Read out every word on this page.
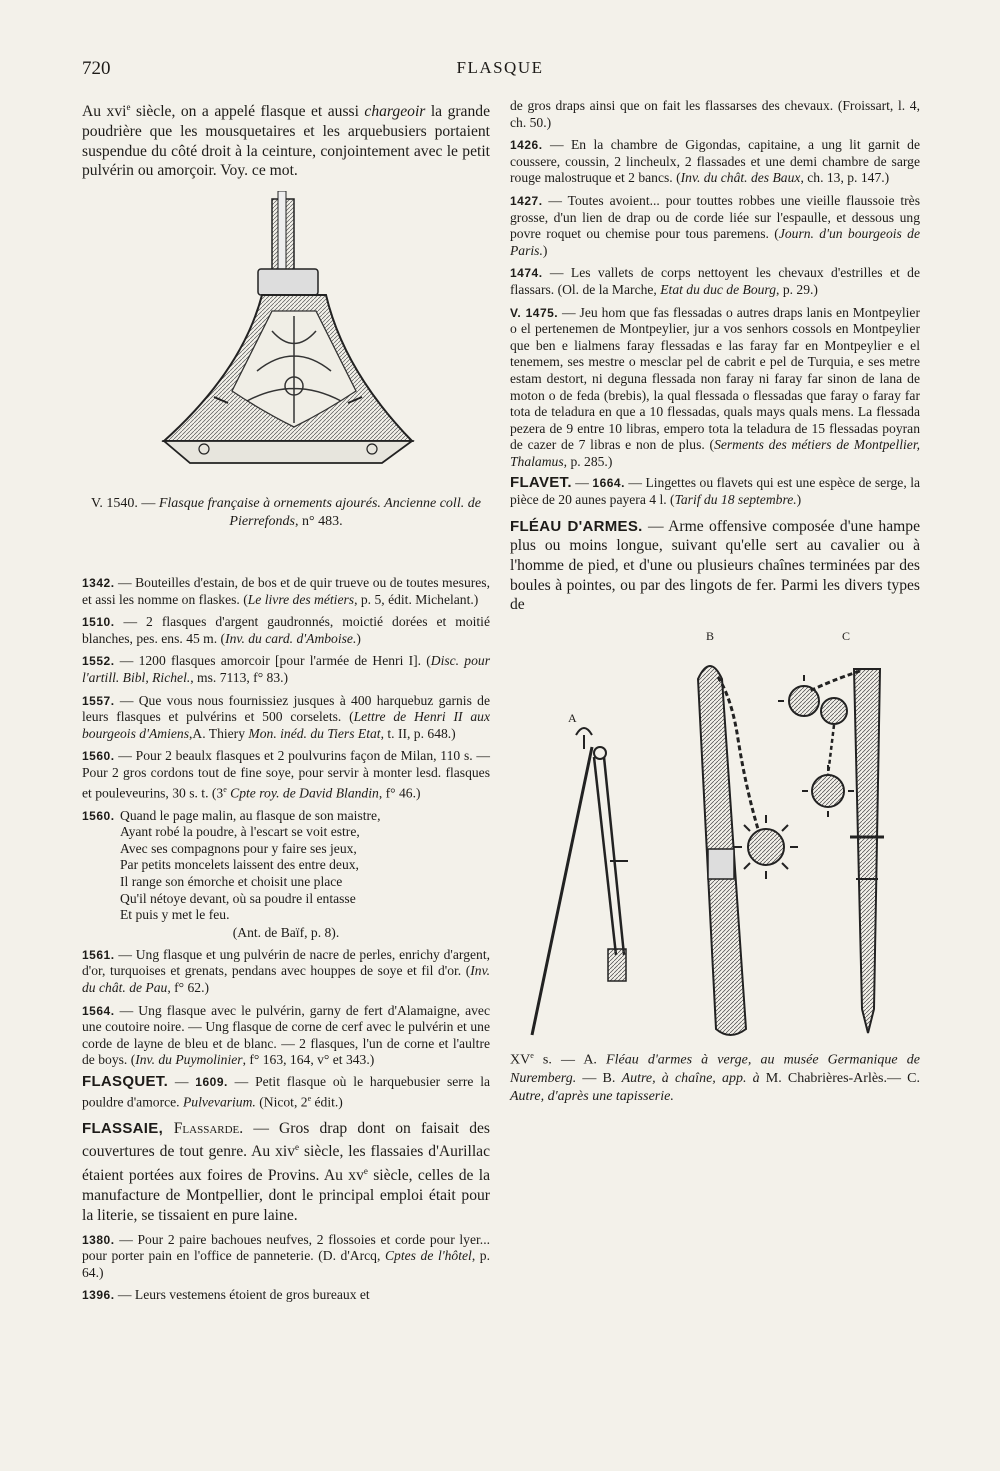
720	FLASQUE

Au xvi$^e$ siècle, on a appelé flasque et aussi chargeoir la grande poudrière que les mousquetaires et les arquebusiers portaient suspendue du côté droit à la ceinture, conjointement avec le petit pulvérin ou amorçoir. Voy. ce mot.

V. 1540. — Flasque française à ornements ajourés. Ancienne coll. de Pierrefonds, n° 483.

1342. — Bouteilles d'estain, de bos et de quir trueve ou de toutes mesures, et assi les nomme on flaskes. (Le livre des métiers, p. 5, édit. Michelant.)

1510. — 2 flasques d'argent gaudronnés, moictié dorées et moitié blanches, pes. ens. 45 m. (Inv. du card. d'Amboise.)

1552. — 1200 flasques amorcoir [pour l'armée de Henri I]. (Disc. pour l'artill. Bibl, Richel., ms. 7113, f° 83.)

1557. — Que vous nous fournissiez jusques à 400 harquebuz garnis de leurs flasques et pulvérins et 500 corselets. (Lettre de Henri II aux bourgeois d'Amiens,A. Thiery Mon. inéd. du Tiers Etat, t. II, p. 648.)

1560. — Pour 2 beaulx flasques et 2 poulvurins façon de Milan, 110 s. — Pour 2 gros cordons tout de fine soye, pour servir à monter lesd. flasques et pouleveurins, 30 s. t. (3e Cpte roy. de David Blandin, f° 46.)

1560. Quand le page malin, au flasque de son maistre,
Ayant robé la poudre, à l'escart se voit estre,
Avec ses compagnons pour y faire ses jeux,
Par petits moncelets laissent des entre deux,
Il range son émorche et choisit une place
Qu'il nétoye devant, où sa poudre il entasse
Et puis y met le feu.
(Ant. de Baïf, p. 8).

1561. — Ung flasque et ung pulvérin de nacre de perles, enrichy d'argent, d'or, turquoises et grenats, pendans avec houppes de soye et fil d'or. (Inv. du chât. de Pau, f° 62.)

1564. — Ung flasque avec le pulvérin, garny de fert d'Alamaigne, avec une coutoire noire. — Ung flasque de corne de cerf avec le pulvérin et une corde de layne de bleu et de blanc. — 2 flasques, l'un de corne et l'aultre de boys. (Inv. du Puymolinier, f° 163, 164, v° et 343.)

FLASQUET. — 1609. — Petit flasque où le harquebusier serre la pouldre d'amorce. Pulvevarium. (Nicot, 2e édit.)

FLASSAIE, Flassarde. — Gros drap dont on faisait des couvertures de tout genre. Au xiv$^e$ siècle, les flassaies d'Aurillac étaient portées aux foires de Provins. Au $xv^e$ siècle, celles de la manufacture de Montpellier, dont le principal emploi était pour la literie, se tissaient en pure laine.

1380. — Pour 2 paire bachoues neufves, 2 flossoies et corde pour lyer... pour porter pain en l'office de panneterie. (D. d'Arcq, Cptes de l'hôtel, p. 64.)

1396. — Leurs vestemens étoient de gros bureaux et

de gros draps ainsi que on fait les flassarses des chevaux. (Froissart, l. 4, ch. 50.)

1426. — En la chambre de Gigondas, capitaine, a ung lit garnit de coussere, coussin, 2 lincheulx, 2 flassades et une demi chambre de sarge rouge malostruque et 2 bancs. (Inv. du chât. des Baux, ch. 13, p. 147.)

1427. — Toutes avoient... pour touttes robbes une vieille flaussoie très grosse, d'un lien de drap ou de corde liée sur l'espaulle, et dessous ung povre roquet ou chemise pour tous paremens. (Journ. d'un bourgeois de Paris.)

1474. — Les vallets de corps nettoyent les chevaux d'estrilles et de flassars. (Ol. de la Marche, Etat du duc de Bourg, p. 29.)

V. 1475. — Jeu hom que fas flessadas o autres draps lanis en Montpeylier o el pertenemen de Montpeylier, jur a vos senhors cossols en Montpeylier que ben e lialmens faray flessadas e las faray far en Montpeylier e el tenemem, ses mestre o mesclar pel de cabrit e pel de Turquia, e ses metre estam destort, ni deguna flessada non faray ni faray far sinon de lana de moton o de feda (brebis), la qual flessada o flessadas que faray o faray far tota de teladura en que a 10 flessadas, quals mays quals mens. La flessada pezera de 9 entre 10 libras, empero tota la teladura de 15 flessadas poyran de cazer de 7 libras e non de plus. (Serments des métiers de Montpellier, Thalamus, p. 285.)

FLAVET. — 1664. — Lingettes ou flavets qui est une espèce de serge, la pièce de 20 aunes payera 4 l. (Tarif du 18 septembre.)

FLÉAU D'ARMES. — Arme offensive composée d'une hampe plus ou moins longue, suivant qu'elle sert au cavalier ou à l'homme de pied, et d'une ou plusieurs chaînes terminées par des boules à pointes, ou par des lingots de fer. Parmi les divers types de

B	C
A

XVe s. — A. Fléau d'armes à verge, au musée Germanique de Nuremberg. — B. Autre, à chaîne, app. à M. Chabrières-Arlès.— C. Autre, d'après une tapisserie.
